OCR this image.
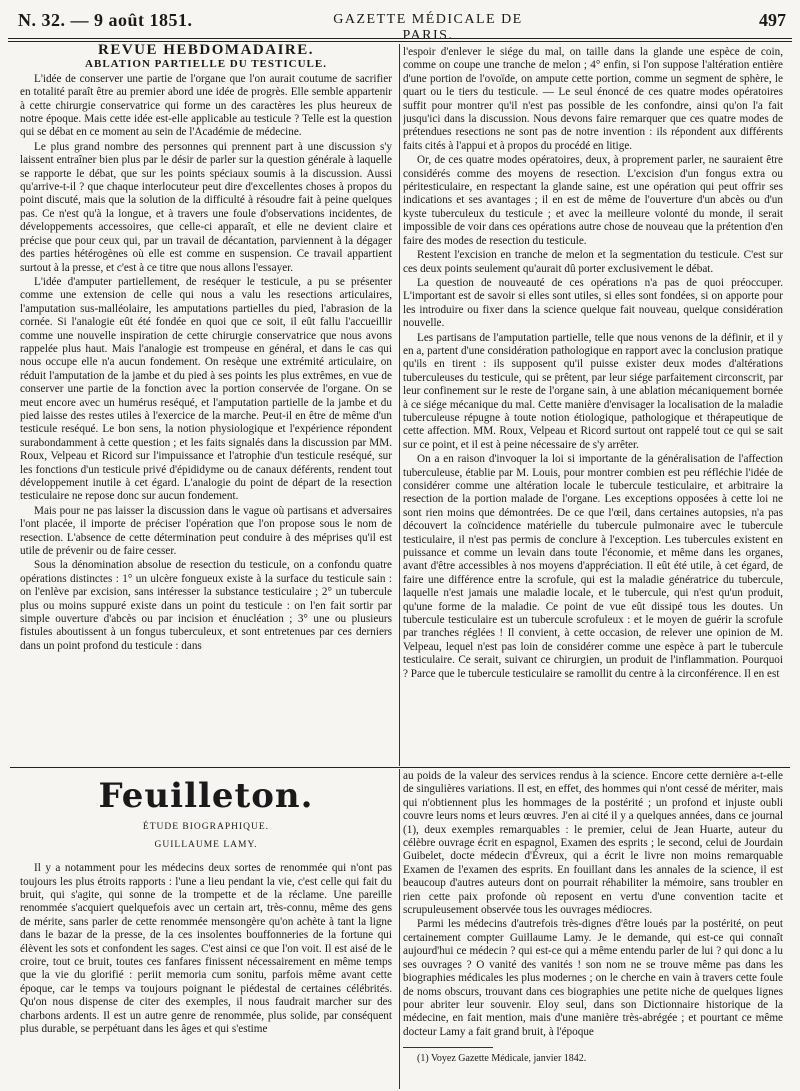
N. 32. — 9 août 1851.	GAZETTE MÉDICALE DE PARIS.
497

REVUE HEBDOMADAIRE.

ABLATION PARTIELLE DU TESTICULE.

L'idée de conserver une partie de l'organe que l'on aurait coutume de sacrifier en totalité paraît être au premier abord une idée de progrès. Elle semble appartenir à cette chirurgie conservatrice qui forme un des caractères les plus heureux de notre époque. Mais cette idée est-elle applicable au testicule ? Telle est la question qui se débat en ce moment au sein de l'Académie de médecine.

Le plus grand nombre des personnes qui prennent part à une discussion s'y laissent entraîner bien plus par le désir de parler sur la question générale à laquelle se rapporte le débat, que sur les points spéciaux soumis à la discussion. Aussi qu'arrive-t-il ? que chaque interlocuteur peut dire d'excellentes choses à propos du point discuté, mais que la solution de la difficulté à résoudre fait à peine quelques pas. Ce n'est qu'à la longue, et à travers une foule d'observations incidentes, de développements accessoires, que celle-ci apparaît, et elle ne devient claire et précise que pour ceux qui, par un travail de décantation, parviennent à la dégager des parties hétérogènes où elle est comme en suspension. Ce travail appartient surtout à la presse, et c'est à ce titre que nous allons l'essayer.

L'idée d'amputer partiellement, de reséquer le testicule, a pu se présenter comme une extension de celle qui nous a valu les resections articulaires, l'amputation sus-malléolaire, les amputations partielles du pied, l'abrasion de la cornée. Si l'analogie eût été fondée en quoi que ce soit, il eût fallu l'accueillir comme une nouvelle inspiration de cette chirurgie conservatrice que nous avons rappelée plus haut. Mais l'analogie est trompeuse en général, et dans le cas qui nous occupe elle n'a aucun fondement. On resèque une extrémité articulaire, on réduit l'amputation de la jambe et du pied à ses points les plus extrêmes, en vue de conserver une partie de la fonction avec la portion conservée de l'organe. On se meut encore avec un humérus reséqué, et l'amputation partielle de la jambe et du pied laisse des restes utiles à l'exercice de la marche. Peut-il en être de même d'un testicule reséqué. Le bon sens, la notion physiologique et l'expérience répondent surabondamment à cette question ; et les faits signalés dans la discussion par MM. Roux, Velpeau et Ricord sur l'impuissance et l'atrophie d'un testicule reséqué, sur les fonctions d'un testicule privé d'épididyme ou de canaux déférents, rendent tout développement inutile à cet égard. L'analogie du point de départ de la resection testiculaire ne repose donc sur aucun fondement.

Mais pour ne pas laisser la discussion dans le vague où partisans et adversaires l'ont placée, il importe de préciser l'opération que l'on propose sous le nom de resection. L'absence de cette détermination peut conduire à des méprises qu'il est utile de prévenir ou de faire cesser.

Sous la dénomination absolue de resection du testicule, on a confondu quatre opérations distinctes : 1° un ulcère fongueux existe à la surface du testicule sain : on l'enlève par excision, sans intéresser la substance testiculaire ; 2° un tubercule plus ou moins suppuré existe dans un point du testicule : on l'en fait sortir par simple ouverture d'abcès ou par incision et énucléation ; 3° une ou plusieurs fistules aboutissent à un fongus tuberculeux, et sont entretenues par ces derniers dans un point profond du testicule : dans

l'espoir d'enlever le siége du mal, on taille dans la glande une espèce de coin, comme on coupe une tranche de melon ; 4° enfin, si l'on suppose l'altération entière d'une portion de l'ovoïde, on ampute cette portion, comme un segment de sphère, le quart ou le tiers du testicule. — Le seul énoncé de ces quatre modes opératoires suffit pour montrer qu'il n'est pas possible de les confondre, ainsi qu'on l'a fait jusqu'ici dans la discussion. Nous devons faire remarquer que ces quatre modes de prétendues resections ne sont pas de notre invention : ils répondent aux différents faits cités à l'appui et à propos du procédé en litige.

Or, de ces quatre modes opératoires, deux, à proprement parler, ne sauraient être considérés comme des moyens de resection. L'excision d'un fongus extra ou péritesticulaire, en respectant la glande saine, est une opération qui peut offrir ses indications et ses avantages ; il en est de même de l'ouverture d'un abcès ou d'un kyste tuberculeux du testicule ; et avec la meilleure volonté du monde, il serait impossible de voir dans ces opérations autre chose de nouveau que la prétention d'en faire des modes de resection du testicule.

Restent l'excision en tranche de melon et la segmentation du testicule. C'est sur ces deux points seulement qu'aurait dû porter exclusivement le débat.

La question de nouveauté de ces opérations n'a pas de quoi préoccuper. L'important est de savoir si elles sont utiles, si elles sont fondées, si on apporte pour les introduire ou fixer dans la science quelque fait nouveau, quelque considération nouvelle.

Les partisans de l'amputation partielle, telle que nous venons de la définir, et il y en a, partent d'une considération pathologique en rapport avec la conclusion pratique qu'ils en tirent : ils supposent qu'il puisse exister deux modes d'altérations tuberculeuses du testicule, qui se prêtent, par leur siége parfaitement circonscrit, par leur confinement sur le reste de l'organe sain, à une ablation mécaniquement bornée à ce siége mécanique du mal. Cette manière d'envisager la localisation de la maladie tuberculeuse répugne à toute notion étiologique, pathologique et thérapeutique de cette affection. MM. Roux, Velpeau et Ricord surtout ont rappelé tout ce qui se sait sur ce point, et il est à peine nécessaire de s'y arrêter.

On a en raison d'invoquer la loi si importante de la généralisation de l'affection tuberculeuse, établie par M. Louis, pour montrer combien est peu réfléchie l'idée de considérer comme une altération locale le tubercule testiculaire, et arbitraire la resection de la portion malade de l'organe. Les exceptions opposées à cette loi ne sont rien moins que démontrées. De ce que l'œil, dans certaines autopsies, n'a pas découvert la coïncidence matérielle du tubercule pulmonaire avec le tubercule testiculaire, il n'est pas permis de conclure à l'exception. Les tubercules existent en puissance et comme un levain dans toute l'économie, et même dans les organes, avant d'être accessibles à nos moyens d'appréciation. Il eût été utile, à cet égard, de faire une différence entre la scrofule, qui est la maladie génératrice du tubercule, laquelle n'est jamais une maladie locale, et le tubercule, qui n'est qu'un produit, qu'une forme de la maladie. Ce point de vue eût dissipé tous les doutes. Un tubercule testiculaire est un tubercule scrofuleux : et le moyen de guérir la scrofule par tranches réglées ! Il convient, à cette occasion, de relever une opinion de M. Velpeau, lequel n'est pas loin de considérer comme une espèce à part le tubercule testiculaire. Ce serait, suivant ce chirurgien, un produit de l'inflammation. Pourquoi ? Parce que le tubercule testiculaire se ramollit du centre à la circonférence. Il en est

Feuilleton.
ÉTUDE BIOGRAPHIQUE.
GUILLAUME LAMY.

Il y a notamment pour les médecins deux sortes de renommée qui n'ont pas toujours les plus étroits rapports : l'une a lieu pendant la vie, c'est celle qui fait du bruit, qui s'agite, qui sonne de la trompette et de la réclame. Une pareille renommée s'acquiert quelquefois avec un certain art, très-connu, même des gens de mérite, sans parler de cette renommée mensongère qu'on achète à tant la ligne dans le bazar de la presse, de la ces insolentes bouffonneries de la fortune qui élèvent les sots et confondent les sages. C'est ainsi ce que l'on voit. Il est aisé de le croire, tout ce bruit, toutes ces fanfares finissent nécessairement en même temps que la vie du glorifié : periit memoria cum sonitu, parfois même avant cette époque, car le temps va toujours poignant le piédestal de certaines célébrités. Qu'on nous dispense de citer des exemples, il nous faudrait marcher sur des charbons ardents. Il est un autre genre de renommée, plus solide, par conséquent plus durable, se perpétuant dans les âges et qui s'estime

au poids de la valeur des services rendus à la science. Encore cette dernière a-t-elle de singulières variations. Il est, en effet, des hommes qui n'ont cessé de mériter, mais qui n'obtiennent plus les hommages de la postérité ; un profond et injuste oubli couvre leurs noms et leurs œuvres. J'en ai cité il y a quelques années, dans ce journal (1), deux exemples remarquables : le premier, celui de Jean Huarte, auteur du célèbre ouvrage écrit en espagnol, Examen des esprits ; le second, celui de Jourdain Guibelet, docte médecin d'Évreux, qui a écrit le livre non moins remarquable Examen de l'examen des esprits. En fouillant dans les annales de la science, il est beaucoup d'autres auteurs dont on pourrait réhabiliter la mémoire, sans troubler en rien cette paix profonde où reposent en vertu d'une convention tacite et scrupuleusement observée tous les ouvrages médiocres.

Parmi les médecins d'autrefois très-dignes d'être loués par la postérité, on peut certainement compter Guillaume Lamy. Je le demande, qui est-ce qui connaît aujourd'hui ce médecin ? qui est-ce qui a même entendu parler de lui ? qui donc a lu ses ouvrages ? O vanité des vanités ! son nom ne se trouve même pas dans les biographies médicales les plus modernes ; on le cherche en vain à travers cette foule de noms obscurs, trouvant dans ces biographies une petite niche de quelques lignes pour abriter leur souvenir. Eloy seul, dans son Dictionnaire historique de la médecine, en fait mention, mais d'une manière très-abrégée ; et pourtant ce même docteur Lamy a fait grand bruit, à l'époque

(1) Voyez Gazette Médicale, janvier 1842.
